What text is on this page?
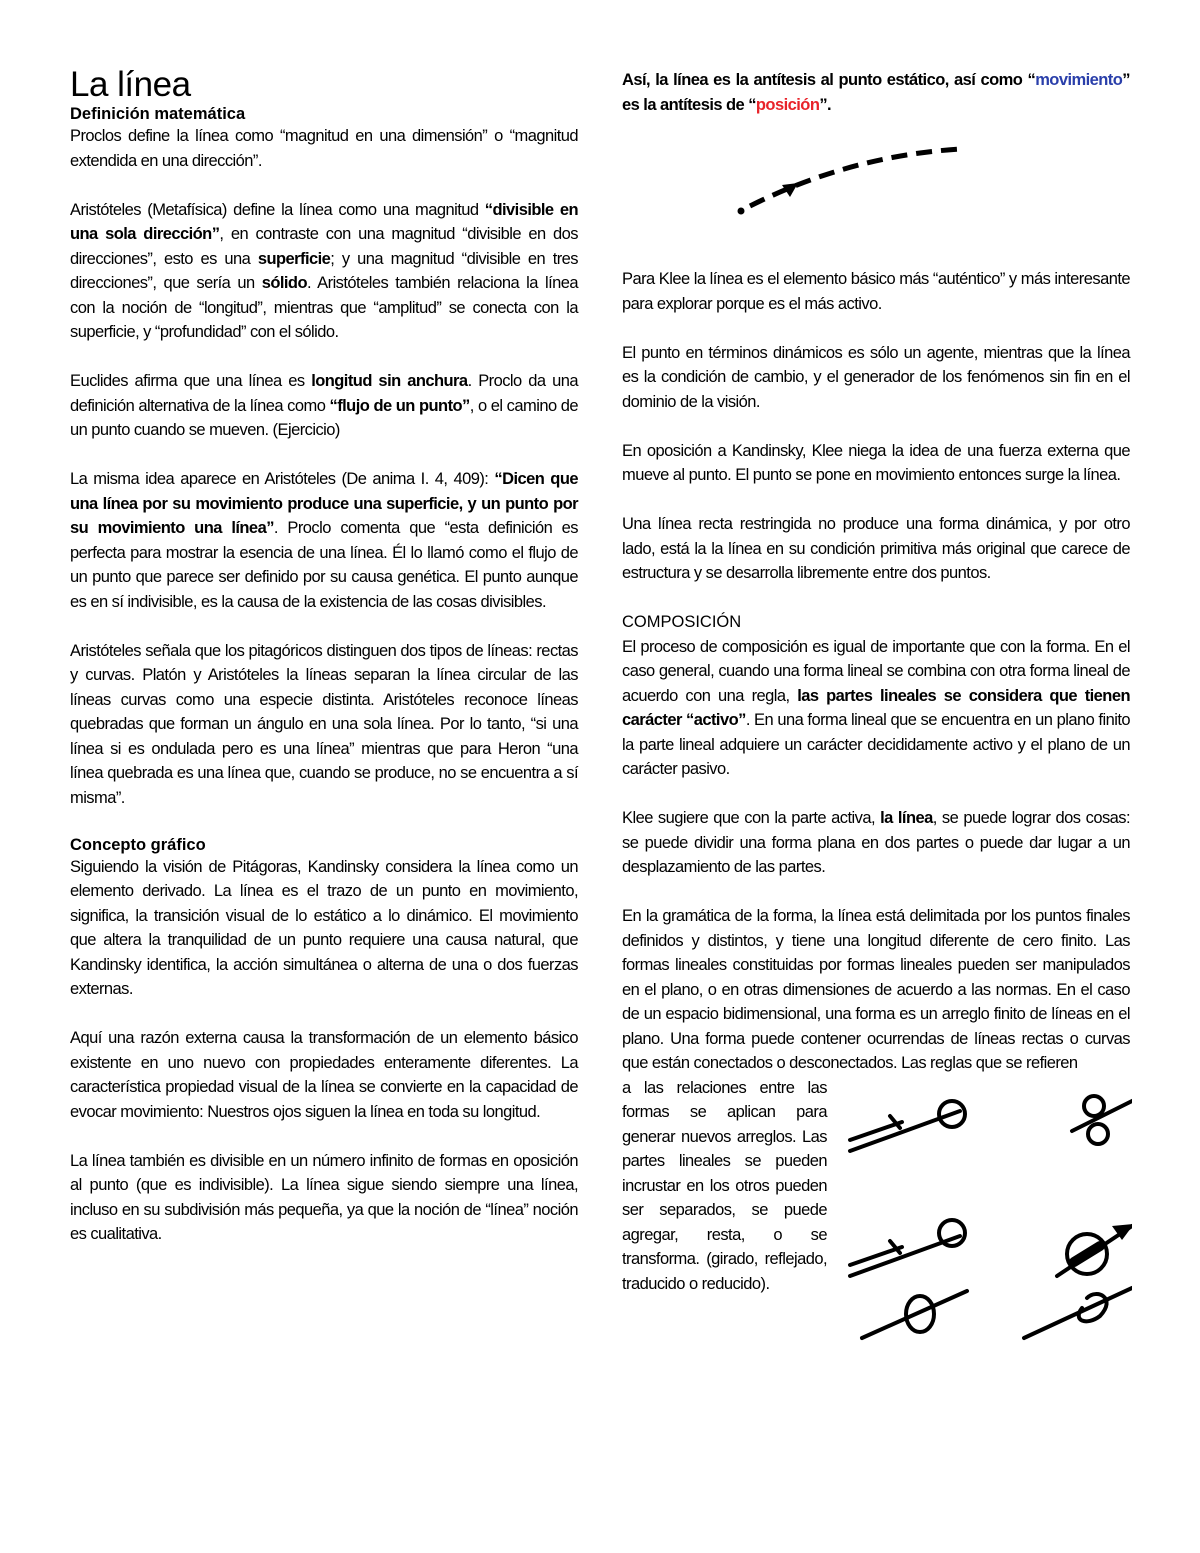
La línea
Definición matemática

Proclos define la línea como “magnitud en una dimensión” o “magnitud extendida en una dirección”.

Aristóteles (Metafísica) define la línea como una magnitud “divisible en una sola dirección”, en contraste con una magnitud “divisible en dos direcciones”, esto es una superficie; y una magnitud “divisible en tres direcciones”, que sería un sólido. Aristóteles también relaciona la línea con la noción de “longitud”, mientras que “amplitud” se conecta con la superficie, y “profundidad” con el sólido.

Euclides afirma que una línea es longitud sin anchura. Proclo da una definición alternativa de la línea como “flujo de un punto”, o el camino de un punto cuando se mueven. (Ejercicio)

La misma idea aparece en Aristóteles (De anima I. 4, 409): “Dicen que una línea por su movimiento produce una superficie, y un punto por su movimiento una línea”. Proclo comenta que “esta definición es perfecta para mostrar la esencia de una línea. Él lo llamó como el flujo de un punto que parece ser definido por su causa genética. El punto aunque es en sí indivisible, es la causa de la existencia de las cosas divisibles.

Aristóteles señala que los pitagóricos distinguen dos tipos de líneas: rectas y curvas. Platón y Aristóteles la líneas separan la línea circular de las líneas curvas como una especie distinta. Aristóteles reconoce líneas quebradas que forman un ángulo en una sola línea. Por lo tanto, “si una línea si es ondulada pero es una línea” mientras que para Heron “una línea quebrada es una línea que, cuando se produce, no se encuentra a sí misma”.

Concepto gráfico

Siguiendo la visión de Pitágoras, Kandinsky considera la línea como un elemento derivado. La línea es el trazo de un punto en movimiento, significa, la transición visual de lo estático a lo dinámico. El movimiento que altera la tranquilidad de un punto requiere una causa natural, que Kandinsky identifica, la acción simultánea o alterna de una o dos fuerzas externas.

Aquí una razón externa causa la transformación de un elemento básico existente en uno nuevo con propiedades enteramente diferentes. La característica propiedad visual de la línea se convierte en la capacidad de evocar movimiento: Nuestros ojos siguen la línea en toda su longitud.

La línea también es divisible en un número infinito de formas en oposición al punto (que es indivisible). La línea sigue siendo siempre una línea, incluso en su subdivisión más pequeña, ya que la noción de “línea” noción es cualitativa.

Así, la línea es la antítesis al punto estático, así como “movimiento” es la antítesis de “posición”.

Para Klee la línea es el elemento básico más “auténtico” y más interesante para explorar porque es el más activo.

El punto en términos dinámicos es sólo un agente, mientras que la línea es la condición de cambio, y el generador de los fenómenos sin fin en el dominio de la visión.

En oposición a Kandinsky, Klee niega la idea de una fuerza externa que mueve al punto. El punto se pone en movimiento entonces surge la línea.

Una línea recta restringida no produce una forma dinámica, y por otro lado, está la la línea en su condición primitiva más original que carece de estructura y se desarrolla libremente entre dos puntos.

COMPOSICIÓN

El proceso de composición es igual de importante que con la forma. En el caso general, cuando una forma lineal se combina con otra forma lineal de acuerdo con una regla, las partes lineales se considera que tienen carácter “activo”. En una forma lineal que se encuentra en un plano finito la parte lineal adquiere un carácter decididamente activo y el plano de un carácter pasivo.

Klee sugiere que con la parte activa, la línea, se puede lograr dos cosas: se puede dividir una forma plana en dos partes o puede dar lugar a un desplazamiento de las partes.

En la gramática de la forma, la línea está delimitada por los puntos finales definidos y distintos, y tiene una longitud diferente de cero finito. Las formas lineales constituidas por formas lineales pueden ser manipulados en el plano, o en otras dimensiones de acuerdo a las normas. En el caso de un espacio bidimensional, una forma es un arreglo finito de líneas en el plano. Una forma puede contener ocurrendas de líneas rectas o curvas que están conectados o desconectados. Las reglas que se refieren

a las relaciones entre las formas se aplican para generar nuevos arreglos. Las partes lineales se pueden incrustar en los otros pueden ser separados, se puede agregar, resta, o se transforma. (girado, reflejado, traducido o reducido).
